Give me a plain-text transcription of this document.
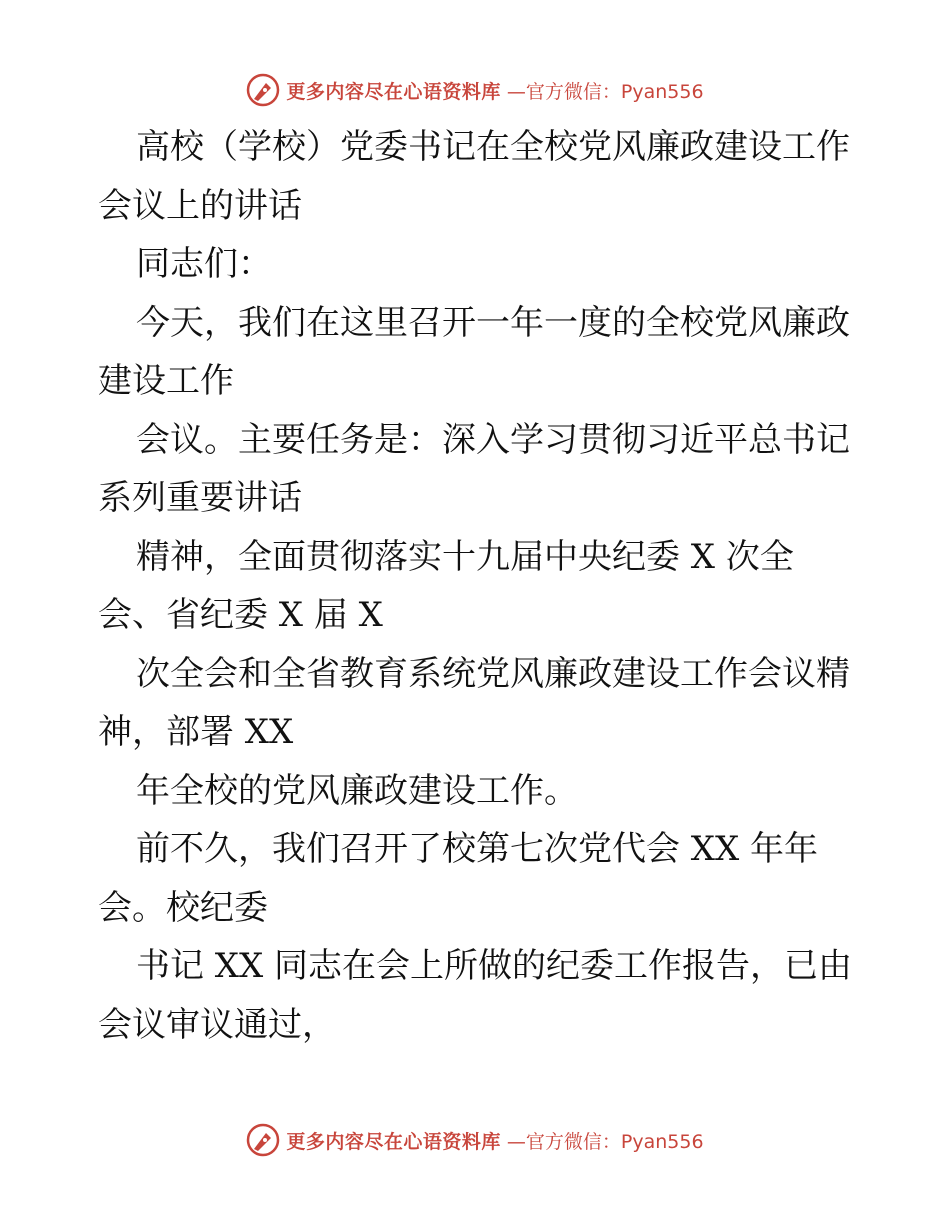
更多内容尽在心语资料库 —官方微信：Pyan556
高校（学校）党委书记在全校党风廉政建设工作
会议上的讲话
同志们：
今天，我们在这里召开一年一度的全校党风廉政
建设工作
会议。主要任务是：深入学习贯彻习近平总书记
系列重要讲话
精神，全面贯彻落实十九届中央纪委 X 次全
会、省纪委 X 届 X
次全会和全省教育系统党风廉政建设工作会议精
神，部署 XX
年全校的党风廉政建设工作。
前不久，我们召开了校第七次党代会 XX 年年
会。校纪委
书记 XX 同志在会上所做的纪委工作报告，已由
会议审议通过，
更多内容尽在心语资料库 —官方微信：Pyan556
